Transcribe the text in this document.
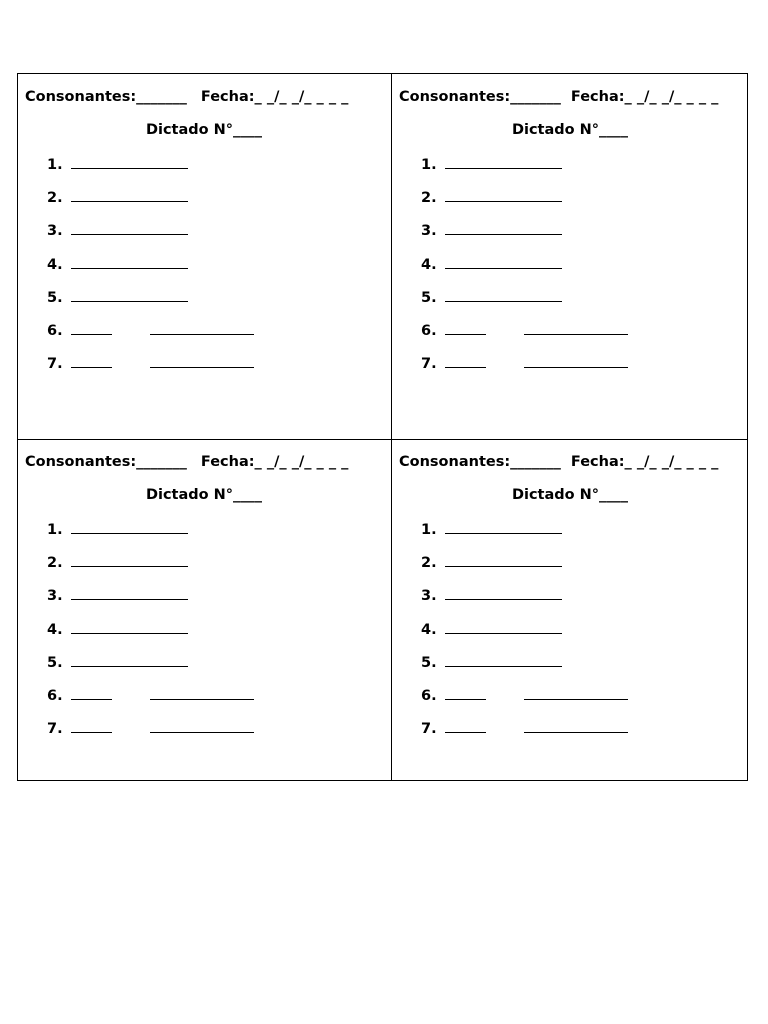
Consonantes:_______ Fecha:_ _/_ _/_ _ _ _
Dictado N°____
1.
2.
3.
4.
5.
6.
7.
Consonantes:_______ Fecha:_ _/_ _/_ _ _ _
Dictado N°____
1.
2.
3.
4.
5.
6.
7.
Consonantes:_______ Fecha:_ _/_ _/_ _ _ _
Dictado N°____
1.
2.
3.
4.
5.
6.
7.
Consonantes:_______ Fecha:_ _/_ _/_ _ _ _
Dictado N°____
1.
2.
3.
4.
5.
6.
7.
